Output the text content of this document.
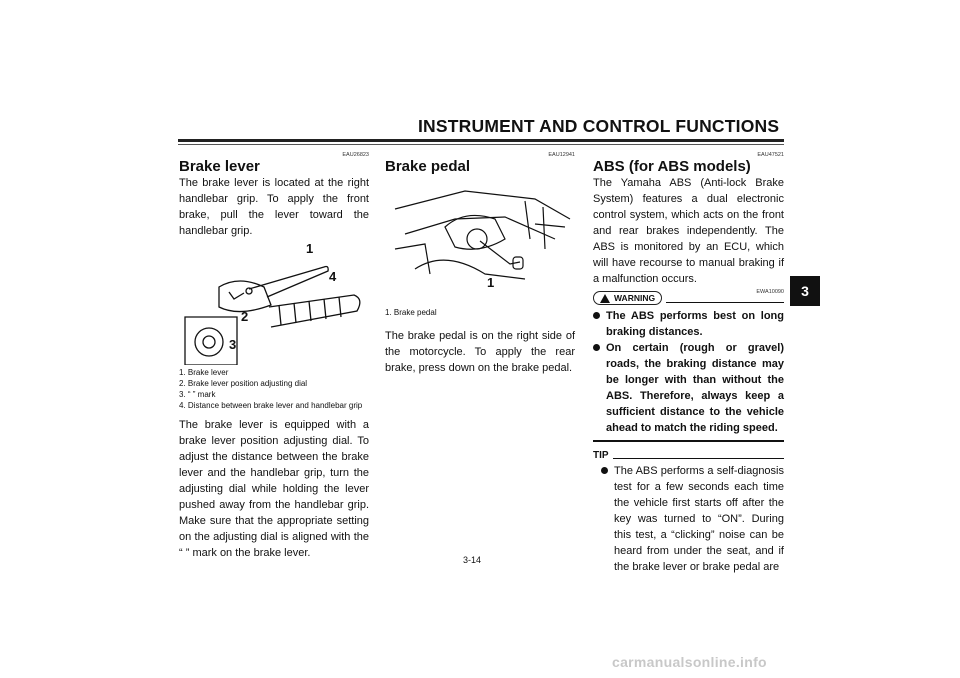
INSTRUMENT AND CONTROL FUNCTIONS
3
EAU26823
Brake lever

The brake lever is located at the right handlebar grip. To apply the front brake, pull the lever toward the handlebar grip.

1
4
2
3
1. Brake lever
2. Brake lever position adjusting dial
3. “ ” mark
4. Distance between brake lever and handlebar grip

The brake lever is equipped with a brake lever position adjusting dial. To adjust the distance between the brake lever and the handlebar grip, turn the adjusting dial while holding the lever pushed away from the handlebar grip. Make sure that the appropriate setting on the adjusting dial is aligned with the “ ” mark on the brake lever.

EAU12941
Brake pedal
1
1. Brake pedal

The brake pedal is on the right side of the motorcycle. To apply the rear brake, press down on the brake pedal.

EAU47521
ABS (for ABS models)

The Yamaha ABS (Anti-lock Brake System) features a dual electronic control system, which acts on the front and rear brakes independently. The ABS is monitored by an ECU, which will have recourse to manual braking if a malfunction occurs.

EWA10090
WARNING
The ABS performs best on long braking distances.
On certain (rough or gravel) roads, the braking distance may be longer with than without the ABS. Therefore, always keep a sufficient distance to the vehicle ahead to match the riding speed.
TIP
The ABS performs a self-diagnosis test for a few seconds each time the vehicle first starts off after the key was turned to “ON”. During this test, a “clicking” noise can be heard from under the seat, and if the brake lever or brake pedal are
3-14
carmanualsonline.info
